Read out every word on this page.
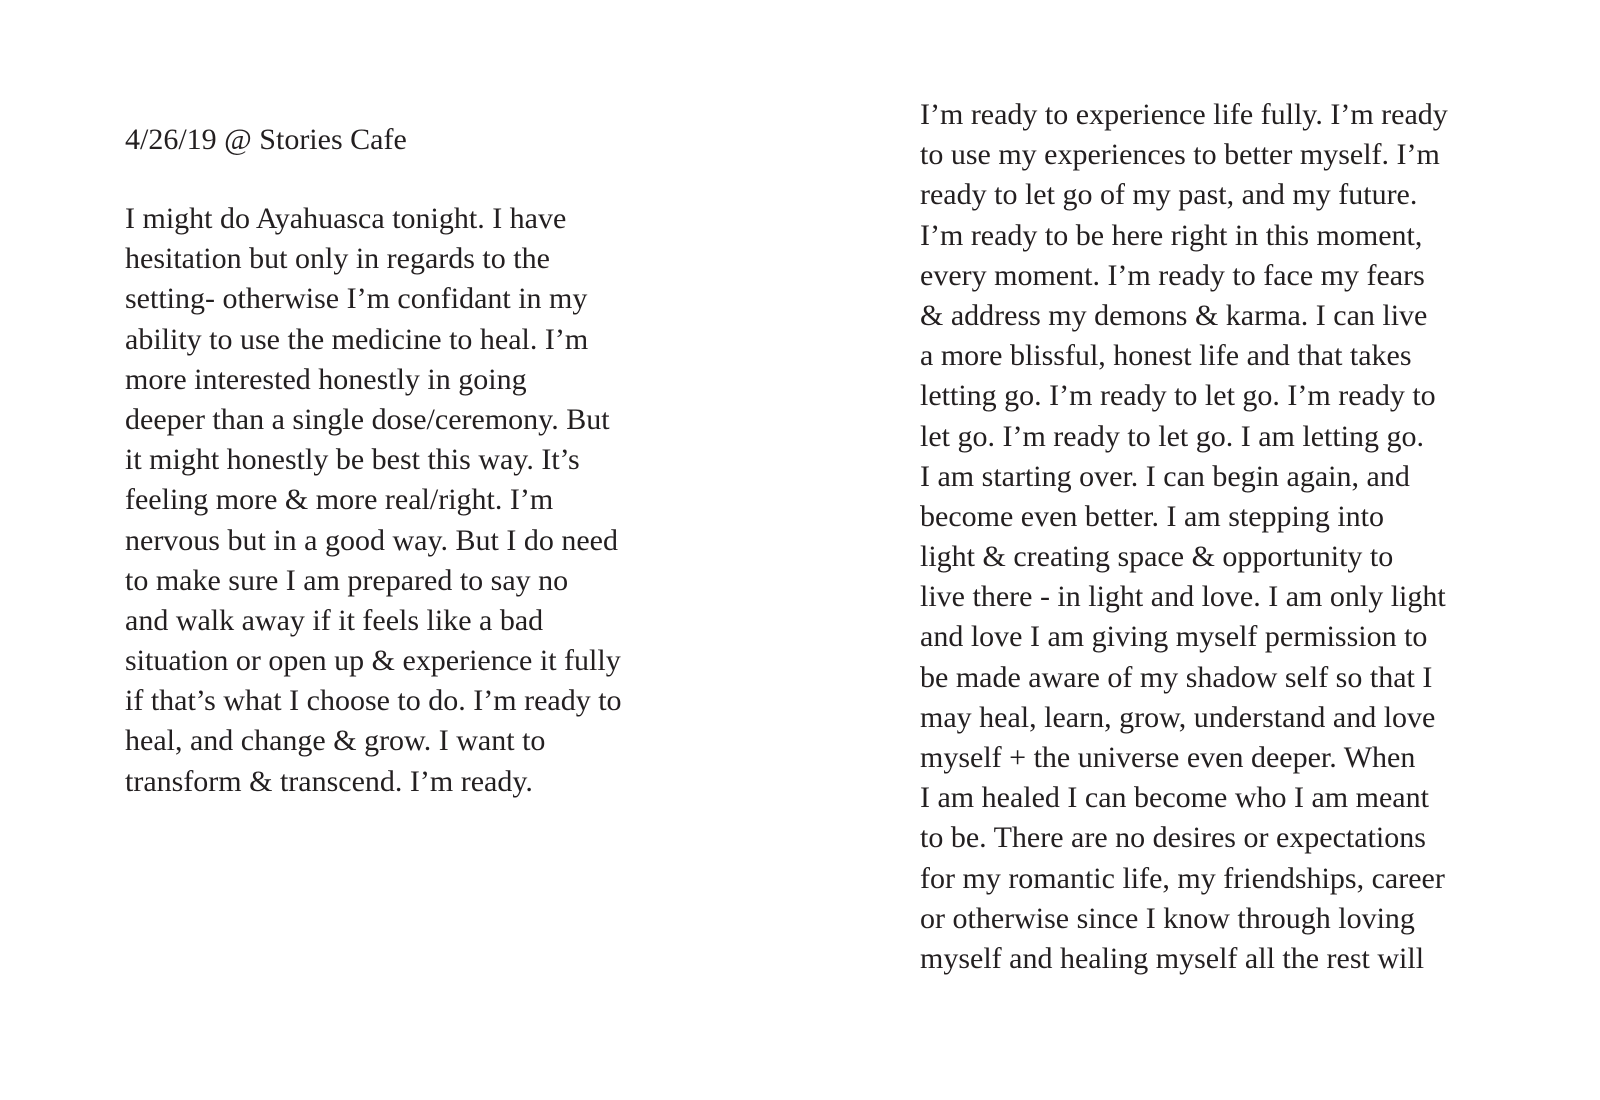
4/26/19 @ Stories Cafe
I might do Ayahuasca tonight. I have
hesitation but only in regards to the
setting- otherwise I’m confidant in my
ability to use the medicine to heal. I’m
more interested honestly in going
deeper than a single dose/ceremony. But
it might honestly be best this way. It’s
feeling more & more real/right. I’m
nervous but in a good way. But I do need
to make sure I am prepared to say no
and walk away if it feels like a bad
situation or open up & experience it fully
if that’s what I choose to do. I’m ready to
heal, and change & grow. I want to
transform & transcend. I’m ready.
I’m ready to experience life fully. I’m ready
to use my experiences to better myself. I’m
ready to let go of my past, and my future.
I’m ready to be here right in this moment,
every moment. I’m ready to face my fears
& address my demons & karma. I can live
a more blissful, honest life and that takes
letting go. I’m ready to let go. I’m ready to
let go. I’m ready to let go. I am letting go.
I am starting over. I can begin again, and
become even better. I am stepping into
light & creating space & opportunity to
live there - in light and love. I am only light
and love I am giving myself permission to
be made aware of my shadow self so that I
may heal, learn, grow, understand and love
myself + the universe even deeper. When
I am healed I can become who I am meant
to be. There are no desires or expectations
for my romantic life, my friendships, career
or otherwise since I know through loving
myself and healing myself all the rest will
